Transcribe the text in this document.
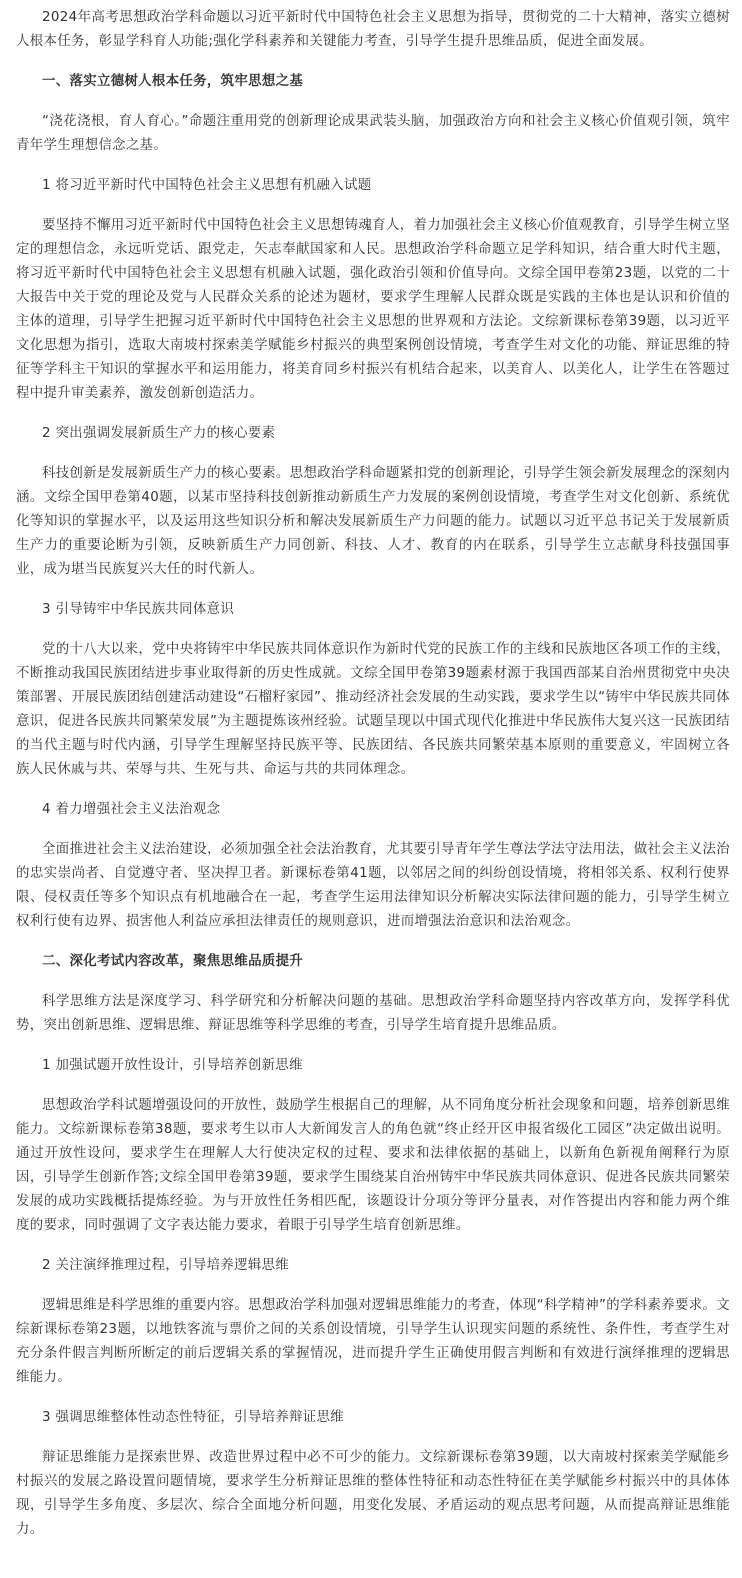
2024年高考思想政治学科命题以习近平新时代中国特色社会主义思想为指导，贯彻党的二十大精神，落实立德树人根本任务，彰显学科育人功能;强化学科素养和关键能力考查，引导学生提升思维品质，促进全面发展。

一、落实立德树人根本任务，筑牢思想之基

“浇花浇根，育人育心。”命题注重用党的创新理论成果武装头脑，加强政治方向和社会主义核心价值观引领，筑牢青年学生理想信念之基。

1 将习近平新时代中国特色社会主义思想有机融入试题

要坚持不懈用习近平新时代中国特色社会主义思想铸魂育人，着力加强社会主义核心价值观教育，引导学生树立坚定的理想信念，永远听党话、跟党走，矢志奉献国家和人民。思想政治学科命题立足学科知识，结合重大时代主题，将习近平新时代中国特色社会主义思想有机融入试题，强化政治引领和价值导向。文综全国甲卷第23题，以党的二十大报告中关于党的理论及党与人民群众关系的论述为题材，要求学生理解人民群众既是实践的主体也是认识和价值的主体的道理，引导学生把握习近平新时代中国特色社会主义思想的世界观和方法论。文综新课标卷第39题，以习近平文化思想为指引，选取大南坡村探索美学赋能乡村振兴的典型案例创设情境，考查学生对文化的功能、辩证思维的特征等学科主干知识的掌握水平和运用能力，将美育同乡村振兴有机结合起来，以美育人、以美化人，让学生在答题过程中提升审美素养，激发创新创造活力。

2 突出强调发展新质生产力的核心要素

科技创新是发展新质生产力的核心要素。思想政治学科命题紧扣党的创新理论，引导学生领会新发展理念的深刻内涵。文综全国甲卷第40题，以某市坚持科技创新推动新质生产力发展的案例创设情境，考查学生对文化创新、系统优化等知识的掌握水平，以及运用这些知识分析和解决发展新质生产力问题的能力。试题以习近平总书记关于发展新质生产力的重要论断为引领，反映新质生产力同创新、科技、人才、教育的内在联系，引导学生立志献身科技强国事业，成为堪当民族复兴大任的时代新人。

3 引导铸牢中华民族共同体意识

党的十八大以来，党中央将铸牢中华民族共同体意识作为新时代党的民族工作的主线和民族地区各项工作的主线，不断推动我国民族团结进步事业取得新的历史性成就。文综全国甲卷第39题素材源于我国西部某自治州贯彻党中央决策部署、开展民族团结创建活动建设“石榴籽家园”、推动经济社会发展的生动实践，要求学生以“铸牢中华民族共同体意识，促进各民族共同繁荣发展”为主题提炼该州经验。试题呈现以中国式现代化推进中华民族伟大复兴这一民族团结的当代主题与时代内涵，引导学生理解坚持民族平等、民族团结、各民族共同繁荣基本原则的重要意义，牢固树立各族人民休戚与共、荣辱与共、生死与共、命运与共的共同体理念。

4 着力增强社会主义法治观念

全面推进社会主义法治建设，必须加强全社会法治教育，尤其要引导青年学生尊法学法守法用法，做社会主义法治的忠实崇尚者、自觉遵守者、坚决捍卫者。新课标卷第41题，以邻居之间的纠纷创设情境，将相邻关系、权利行使界限、侵权责任等多个知识点有机地融合在一起，考查学生运用法律知识分析解决实际法律问题的能力，引导学生树立权利行使有边界、损害他人利益应承担法律责任的规则意识，进而增强法治意识和法治观念。

二、深化考试内容改革，聚焦思维品质提升

科学思维方法是深度学习、科学研究和分析解决问题的基础。思想政治学科命题坚持内容改革方向，发挥学科优势，突出创新思维、逻辑思维、辩证思维等科学思维的考查，引导学生培育提升思维品质。

1 加强试题开放性设计，引导培养创新思维

思想政治学科试题增强设问的开放性，鼓励学生根据自己的理解，从不同角度分析社会现象和问题，培养创新思维能力。文综新课标卷第38题，要求考生以市人大新闻发言人的角色就“终止经开区申报省级化工园区”决定做出说明。通过开放性设问，要求学生在理解人大行使决定权的过程、要求和法律依据的基础上，以新角色新视角阐释行为原因，引导学生创新作答;文综全国甲卷第39题，要求学生围绕某自治州铸牢中华民族共同体意识、促进各民族共同繁荣发展的成功实践概括提炼经验。为与开放性任务相匹配，该题设计分项分等评分量表，对作答提出内容和能力两个维度的要求，同时强调了文字表达能力要求，着眼于引导学生培育创新思维。

2 关注演绎推理过程，引导培养逻辑思维

逻辑思维是科学思维的重要内容。思想政治学科加强对逻辑思维能力的考查，体现“科学精神”的学科素养要求。文综新课标卷第23题，以地铁客流与票价之间的关系创设情境，引导学生认识现实问题的系统性、条件性，考查学生对充分条件假言判断所断定的前后逻辑关系的掌握情况，进而提升学生正确使用假言判断和有效进行演绎推理的逻辑思维能力。

3 强调思维整体性动态性特征，引导培养辩证思维

辩证思维能力是探索世界、改造世界过程中必不可少的能力。文综新课标卷第39题，以大南坡村探索美学赋能乡村振兴的发展之路设置问题情境，要求学生分析辩证思维的整体性特征和动态性特征在美学赋能乡村振兴中的具体体现，引导学生多角度、多层次、综合全面地分析问题，用变化发展、矛盾运动的观点思考问题，从而提高辩证思维能力。
